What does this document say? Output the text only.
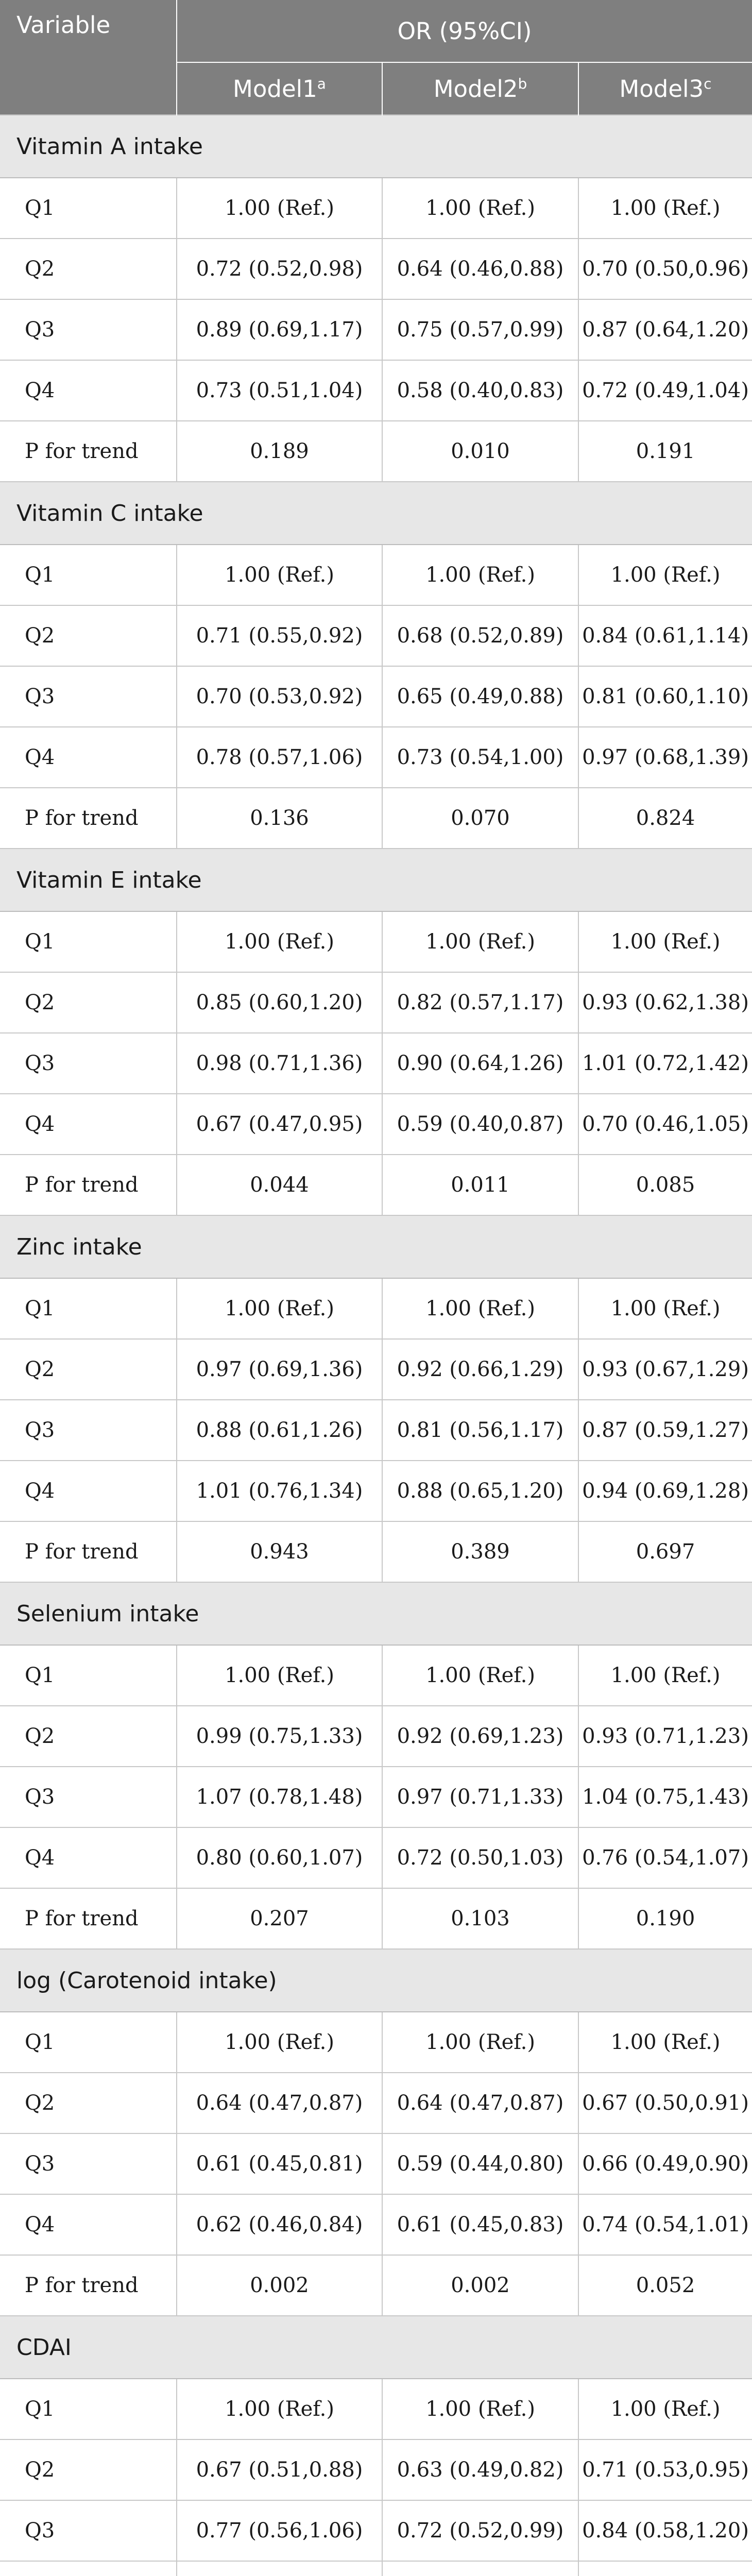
Variable	OR (95%CI)		
	Model1$^a$	Model2$^b$	Model3$^c$
Vitamin A intake			
Q1	1.00 (Ref.)	1.00 (Ref.)	1.00 (Ref.)
Q2	0.72 (0.52,0.98)	0.64 (0.46,0.88)	0.70 (0.50,0.96)
Q3	0.89 (0.69,1.17)	0.75 (0.57,0.99)	0.87 (0.64,1.20)
Q4	0.73 (0.51,1.04)	0.58 (0.40,0.83)	0.72 (0.49,1.04)
P for trend	0.189	0.010	0.191
Vitamin C intake			
Q1	1.00 (Ref.)	1.00 (Ref.)	1.00 (Ref.)
Q2	0.71 (0.55,0.92)	0.68 (0.52,0.89)	0.84 (0.61,1.14)
Q3	0.70 (0.53,0.92)	0.65 (0.49,0.88)	0.81 (0.60,1.10)
Q4	0.78 (0.57,1.06)	0.73 (0.54,1.00)	0.97 (0.68,1.39)
P for trend	0.136	0.070	0.824
Vitamin E intake			
Q1	1.00 (Ref.)	1.00 (Ref.)	1.00 (Ref.)
Q2	0.85 (0.60,1.20)	0.82 (0.57,1.17)	0.93 (0.62,1.38)
Q3	0.98 (0.71,1.36)	0.90 (0.64,1.26)	1.01 (0.72,1.42)
Q4	0.67 (0.47,0.95)	0.59 (0.40,0.87)	0.70 (0.46,1.05)
P for trend	0.044	0.011	0.085
Zinc intake			
Q1	1.00 (Ref.)	1.00 (Ref.)	1.00 (Ref.)
Q2	0.97 (0.69,1.36)	0.92 (0.66,1.29)	0.93 (0.67,1.29)
Q3	0.88 (0.61,1.26)	0.81 (0.56,1.17)	0.87 (0.59,1.27)
Q4	1.01 (0.76,1.34)	0.88 (0.65,1.20)	0.94 (0.69,1.28)
P for trend	0.943	0.389	0.697
Selenium intake			
Q1	1.00 (Ref.)	1.00 (Ref.)	1.00 (Ref.)
Q2	0.99 (0.75,1.33)	0.92 (0.69,1.23)	0.93 (0.71,1.23)
Q3	1.07 (0.78,1.48)	0.97 (0.71,1.33)	1.04 (0.75,1.43)
Q4	0.80 (0.60,1.07)	0.72 (0.50,1.03)	0.76 (0.54,1.07)
P for trend	0.207	0.103	0.190
log (Carotenoid intake)			
Q1	1.00 (Ref.)	1.00 (Ref.)	1.00 (Ref.)
Q2	0.64 (0.47,0.87)	0.64 (0.47,0.87)	0.67 (0.50,0.91)
Q3	0.61 (0.45,0.81)	0.59 (0.44,0.80)	0.66 (0.49,0.90)
Q4	0.62 (0.46,0.84)	0.61 (0.45,0.83)	0.74 (0.54,1.01)
P for trend	0.002	0.002	0.052
CDAI			
Q1	1.00 (Ref.)	1.00 (Ref.)	1.00 (Ref.)
Q2	0.67 (0.51,0.88)	0.63 (0.49,0.82)	0.71 (0.53,0.95)
Q3	0.77 (0.56,1.06)	0.72 (0.52,0.99)	0.84 (0.58,1.20)
